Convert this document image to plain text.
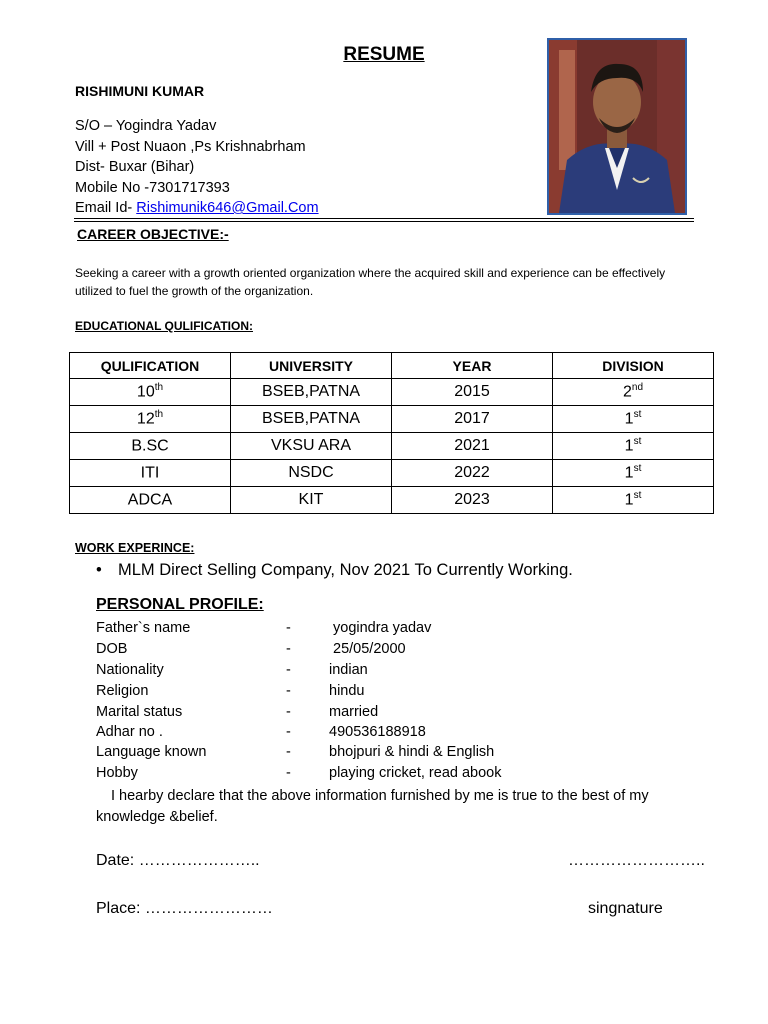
RESUME
RISHIMUNI KUMAR
S/O – Yogindra Yadav
Vill + Post Nuaon ,Ps Krishnabrham
Dist- Buxar (Bihar)
Mobile No -7301717393
Email Id- Rishimunik646@Gmail.Com
CAREER OBJECTIVE:-
Seeking a career with a growth oriented organization where the acquired skill and experience can be effectively utilized to fuel the growth of the organization.
EDUCATIONAL QULIFICATION:
QULIFICATION	UNIVERSITY	YEAR	DIVISION
10th	BSEB,PATNA	2015	2nd
12th	BSEB,PATNA	2017	1st
B.SC	VKSU ARA	2021	1st
ITI	NSDC	2022	1st
ADCA	KIT	2023	1st
WORK EXPERINCE:
• MLM Direct Selling Company, Nov 2021 To Currently Working.
PERSONAL PROFILE:
Father`s name	-	yogindra yadav
DOB	-	25/05/2000
Nationality	-	indian
Religion	-	hindu
Marital status	-	married
Adhar no .	-	490536188918
Language known	-	bhojpuri & hindi & English
Hobby	-	playing cricket, read abook
I hearby declare that the above information furnished by me is true to the best of my knowledge &belief.
Date: …………………..	……………………..
Place: ……………………	singnature
